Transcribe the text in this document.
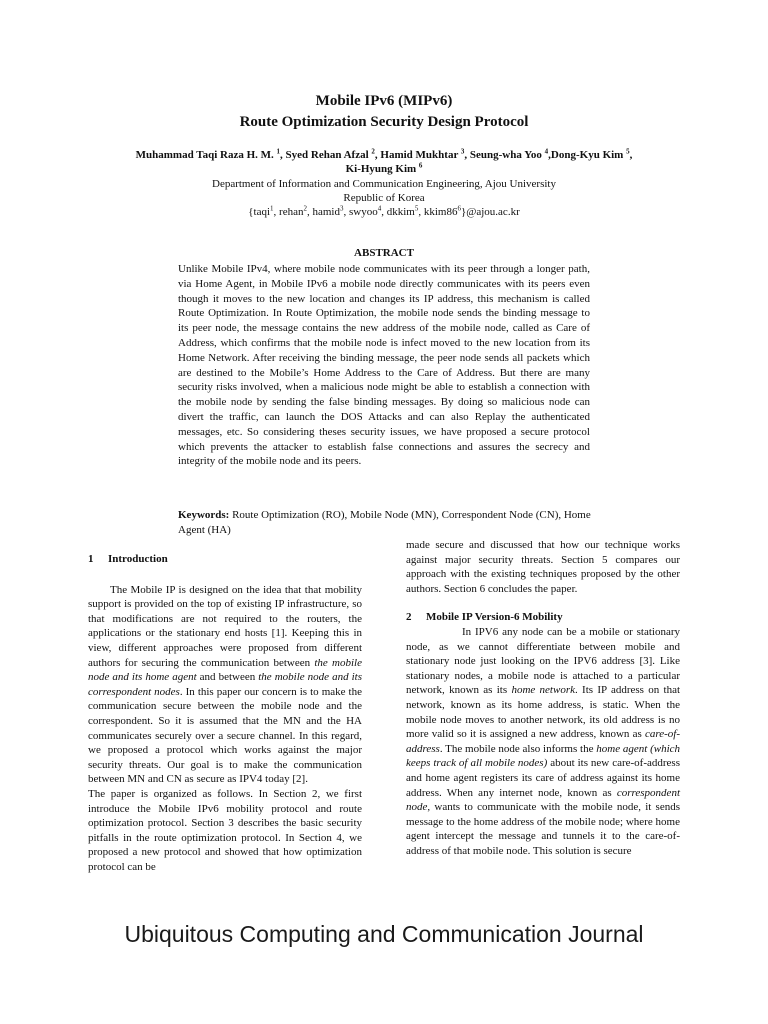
Mobile IPv6 (MIPv6)
Route Optimization Security Design Protocol
Muhammad Taqi Raza H. M. $^1$, Syed Rehan Afzal $^2$, Hamid Mukhtar $^3$, Seung-wha Yoo $^4$,Dong-Kyu Kim $^5$,
Ki-Hyung Kim $^6$
Department of Information and Communication Engineering, Ajou University
Republic of Korea
{taqi$^1$, rehan$^2$, hamid$^3$, swyoo$^4$, dkkim$^5$, $kkim86^6\}@ajou.ac.kr$
ABSTRACT
Unlike Mobile IPv4, where mobile node communicates with its peer through a longer path, via Home Agent, in Mobile IPv6 a mobile node directly communicates with its peers even though it moves to the new location and changes its IP address, this mechanism is called Route Optimization. In Route Optimization, the mobile node sends the binding message to its peer node, the message contains the new address of the mobile node, called as Care of Address, which confirms that the mobile node is infect moved to the new location from its Home Network. After receiving the binding message, the peer node sends all packets which are destined to the Mobile’s Home Address to the Care of Address. But there are many security risks involved, when a malicious node might be able to establish a connection with the mobile node by sending the false binding messages. By doing so malicious node can divert the traffic, can launch the DOS Attacks and can also Replay the authenticated messages, etc. So considering theses security issues, we have proposed a secure protocol which prevents the attacker to establish false connections and assures the secrecy and integrity of the mobile node and its peers.
Keywords: Route Optimization (RO), Mobile Node (MN), Correspondent Node (CN), Home Agent (HA)

1 Introduction

The Mobile IP is designed on the idea that that mobility support is provided on the top of existing IP infrastructure, so that modifications are not required to the routers, the applications or the stationary end hosts [1]. Keeping this in view, different approaches were proposed from different authors for securing the communication between the mobile node and its home agent and between the mobile node and its correspondent nodes. In this paper our concern is to make the communication secure between the mobile node and the correspondent. So it is assumed that the MN and the HA communicates securely over a secure channel. In this regard, we proposed a protocol which works against the major security threats. Our goal is to make the communication between MN and CN as secure as IPV4 today [2].

The paper is organized as follows. In Section 2, we first introduce the Mobile IPv6 mobility protocol and route optimization protocol. Section 3 describes the basic security pitfalls in the route optimization protocol. In Section 4, we proposed a new protocol and showed that how optimization protocol can be

made secure and discussed that how our technique works against major security threats. Section 5 compares our approach with the existing techniques proposed by the other authors. Section 6 concludes the paper.

2 Mobile IP Version-6 Mobility

In IPV6 any node can be a mobile or stationary node, as we cannot differentiate between mobile and stationary node just looking on the IPV6 address [3]. Like stationary nodes, a mobile node is attached to a particular network, known as its home network. Its IP address on that network, known as its home address, is static. When the mobile node moves to another network, its old address is no more valid so it is assigned a new address, known as care-of-address. The mobile node also informs the home agent (which keeps track of all mobile nodes) about its new care-of-address and home agent registers its care of address against its home address. When any internet node, known as correspondent node, wants to communicate with the mobile node, it sends message to the home address of the mobile node; where home agent intercept the message and tunnels it to the care-of-address of that mobile node. This solution is secure

Ubiquitous Computing and Communication Journal
